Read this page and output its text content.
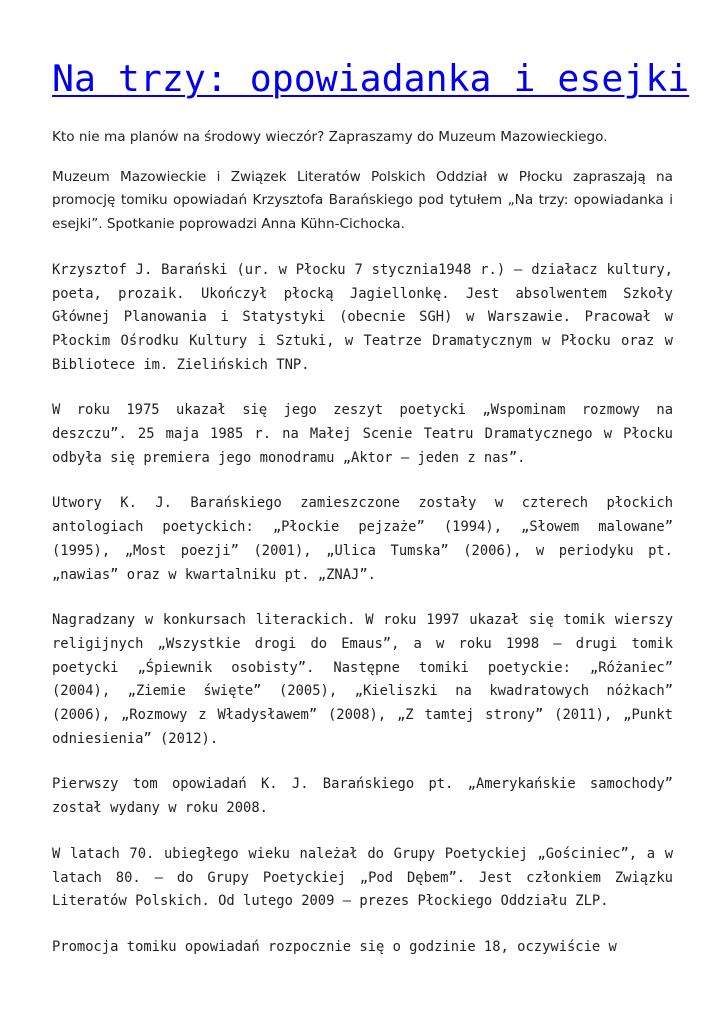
Na trzy: opowiadanka i esejki

Kto nie ma planów na środowy wieczór? Zapraszamy do Muzeum Mazowieckiego.

Muzeum Mazowieckie i Związek Literatów Polskich Oddział w Płocku zapraszają na promocję tomiku opowiadań Krzysztofa Barańskiego pod tytułem „Na trzy: opowiadanka i esejki”. Spotkanie poprowadzi Anna Kühn-Cichocka.

Krzysztof J. Barański (ur. w Płocku 7 stycznia1948 r.) – działacz kultury, poeta, prozaik. Ukończył płocką Jagiellonkę. Jest absolwentem Szkoły Głównej Planowania i Statystyki (obecnie SGH) w Warszawie. Pracował w Płockim Ośrodku Kultury i Sztuki, w Teatrze Dramatycznym w Płocku oraz w Bibliotece im. Zielińskich TNP.

W roku 1975 ukazał się jego zeszyt poetycki „Wspominam rozmowy na deszczu”. 25 maja 1985 r. na Małej Scenie Teatru Dramatycznego w Płocku odbyła się premiera jego monodramu „Aktor – jeden z nas”.

Utwory K. J. Barańskiego zamieszczone zostały w czterech płockich antologiach poetyckich: „Płockie pejzaże” (1994), „Słowem malowane” (1995), „Most poezji” (2001), „Ulica Tumska” (2006), w periodyku pt. „nawias” oraz w kwartalniku pt. „ZNAJ”.

Nagradzany w konkursach literackich. W roku 1997 ukazał się tomik wierszy religijnych „Wszystkie drogi do Emaus”, a w roku 1998 – drugi tomik poetycki „Śpiewnik osobisty”. Następne tomiki poetyckie: „Różaniec” (2004), „Ziemie święte” (2005), „Kieliszki na kwadratowych nóżkach” (2006), „Rozmowy z Władysławem” (2008), „Z tamtej strony” (2011), „Punkt odniesienia” (2012).

Pierwszy tom opowiadań K. J. Barańskiego pt. „Amerykańskie samochody” został wydany w roku 2008.

W latach 70. ubiegłego wieku należał do Grupy Poetyckiej „Gościniec”, a w latach 80. – do Grupy Poetyckiej „Pod Dębem”. Jest członkiem Związku Literatów Polskich. Od lutego 2009 – prezes Płockiego Oddziału ZLP.

Promocja tomiku opowiadań rozpocznie się o godzinie 18, oczywiście w
